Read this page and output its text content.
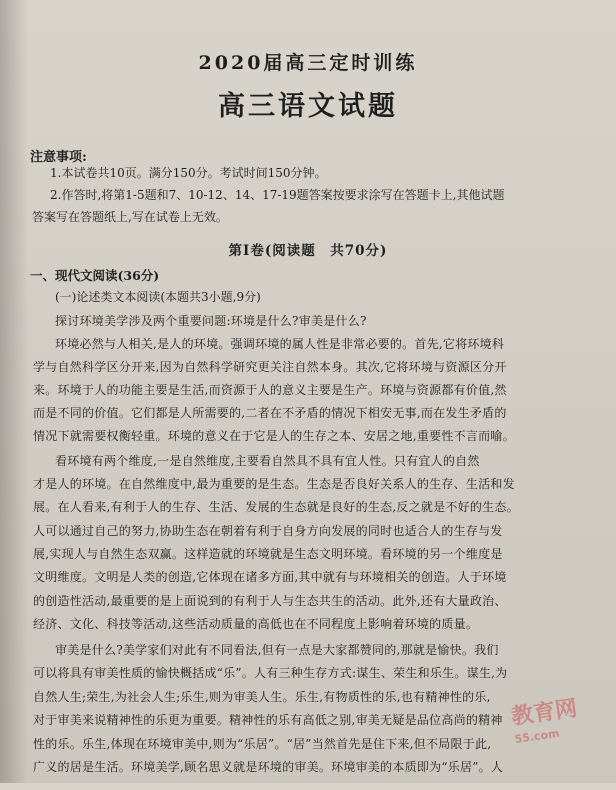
2020届高三定时训练
高三语文试题
注意事项:
1.本试卷共10页。满分150分。考试时间150分钟。
2.作答时,将第1-5题和7、10-12、14、17-19题答案按要求涂写在答题卡上,其他试题
答案写在答题纸上,写在试卷上无效。
第Ⅰ卷(阅读题　共70分)
一、现代文阅读(36分)
(一)论述类文本阅读(本题共3小题,9分)
探讨环境美学涉及两个重要问题:环境是什么?审美是什么?
环境必然与人相关,是人的环境。强调环境的属人性是非常必要的。首先,它将环境科
学与自然科学区分开来,因为自然科学研究更关注自然本身。其次,它将环境与资源区分开
来。环境于人的功能主要是生活,而资源于人的意义主要是生产。环境与资源都有价值,然
而是不同的价值。它们都是人所需要的,二者在不矛盾的情况下相安无事,而在发生矛盾的
情况下就需要权衡轻重。环境的意义在于它是人的生存之本、安居之地,重要性不言而喻。
看环境有两个维度,一是自然维度,主要看自然具不具有宜人性。只有宜人的自然
才是人的环境。在自然维度中,最为重要的是生态。生态是否良好关系人的生存、生活和发
展。在人看来,有利于人的生存、生活、发展的生态就是良好的生态,反之就是不好的生态。
人可以通过自己的努力,协助生态在朝着有利于自身方向发展的同时也适合人的生存与发
展,实现人与自然生态双赢。这样造就的环境就是生态文明环境。看环境的另一个维度是
文明维度。文明是人类的创造,它体现在诸多方面,其中就有与环境相关的创造。人于环境
的创造性活动,最重要的是上面说到的有利于人与生态共生的活动。此外,还有大量政治、
经济、文化、科技等活动,这些活动质量的高低也在不同程度上影响着环境的质量。
审美是什么?美学家们对此有不同看法,但有一点是大家都赞同的,那就是愉快。我们
可以将具有审美性质的愉快概括成“乐”。人有三种生存方式:谋生、荣生和乐生。谋生,为
自然人生;荣生,为社会人生;乐生,则为审美人生。乐生,有物质性的乐,也有精神性的乐,
对于审美来说精神性的乐更为重要。精神性的乐有高低之别,审美无疑是品位高尚的精神
性的乐。乐生,体现在环境审美中,则为“乐居”。“居”当然首先是住下来,但不局限于此,
广义的居是生活。环境美学,顾名思义就是环境的审美。环境审美的本质即为“乐居”。人
教育网
55.com
